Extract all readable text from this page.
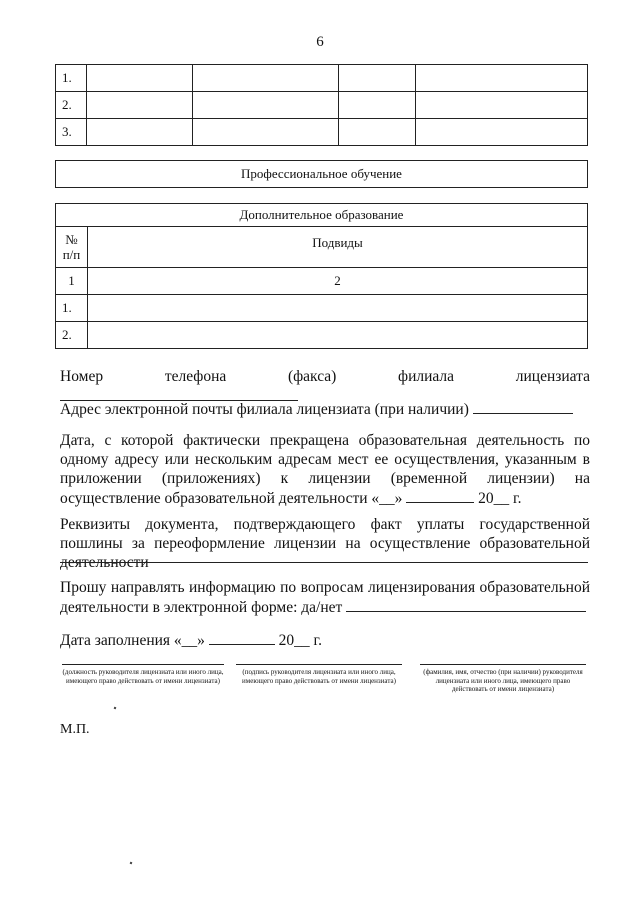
6
1.				
2.				
3.				
Профессиональное обучение
Дополнительное образование	
№
п/п	Подвиды
1	2
1.	
2.	
Номер телефона (факса) филиала лицензиата
Адрес электронной почты филиала лицензиата (при наличии)
Дата, с которой фактически прекращена образовательная деятельность по одному адресу или нескольким адресам мест ее осуществления, указанным в приложении (приложениях) к лицензии (временной лицензии) на осуществление образовательной деятельности «__»	20__ г.
Реквизиты документа, подтверждающего факт уплаты государственной пошлины за переоформление лицензии на осуществление образовательной деятельности
Прошу направлять информацию по вопросам лицензирования образовательной деятельности в электронной форме: да/нет
Дата заполнения «__»	20__ г.
(должность руководителя лицензиата или иного лица, имеющего право действовать от имени лицензиата)
(подпись руководителя лицензиата или иного лица, имеющего право действовать от имени лицензиата)
(фамилия, имя, отчество (при наличии) руководителя лицензиата или иного лица, имеющего право действовать от имени лицензиата)
М.П.
